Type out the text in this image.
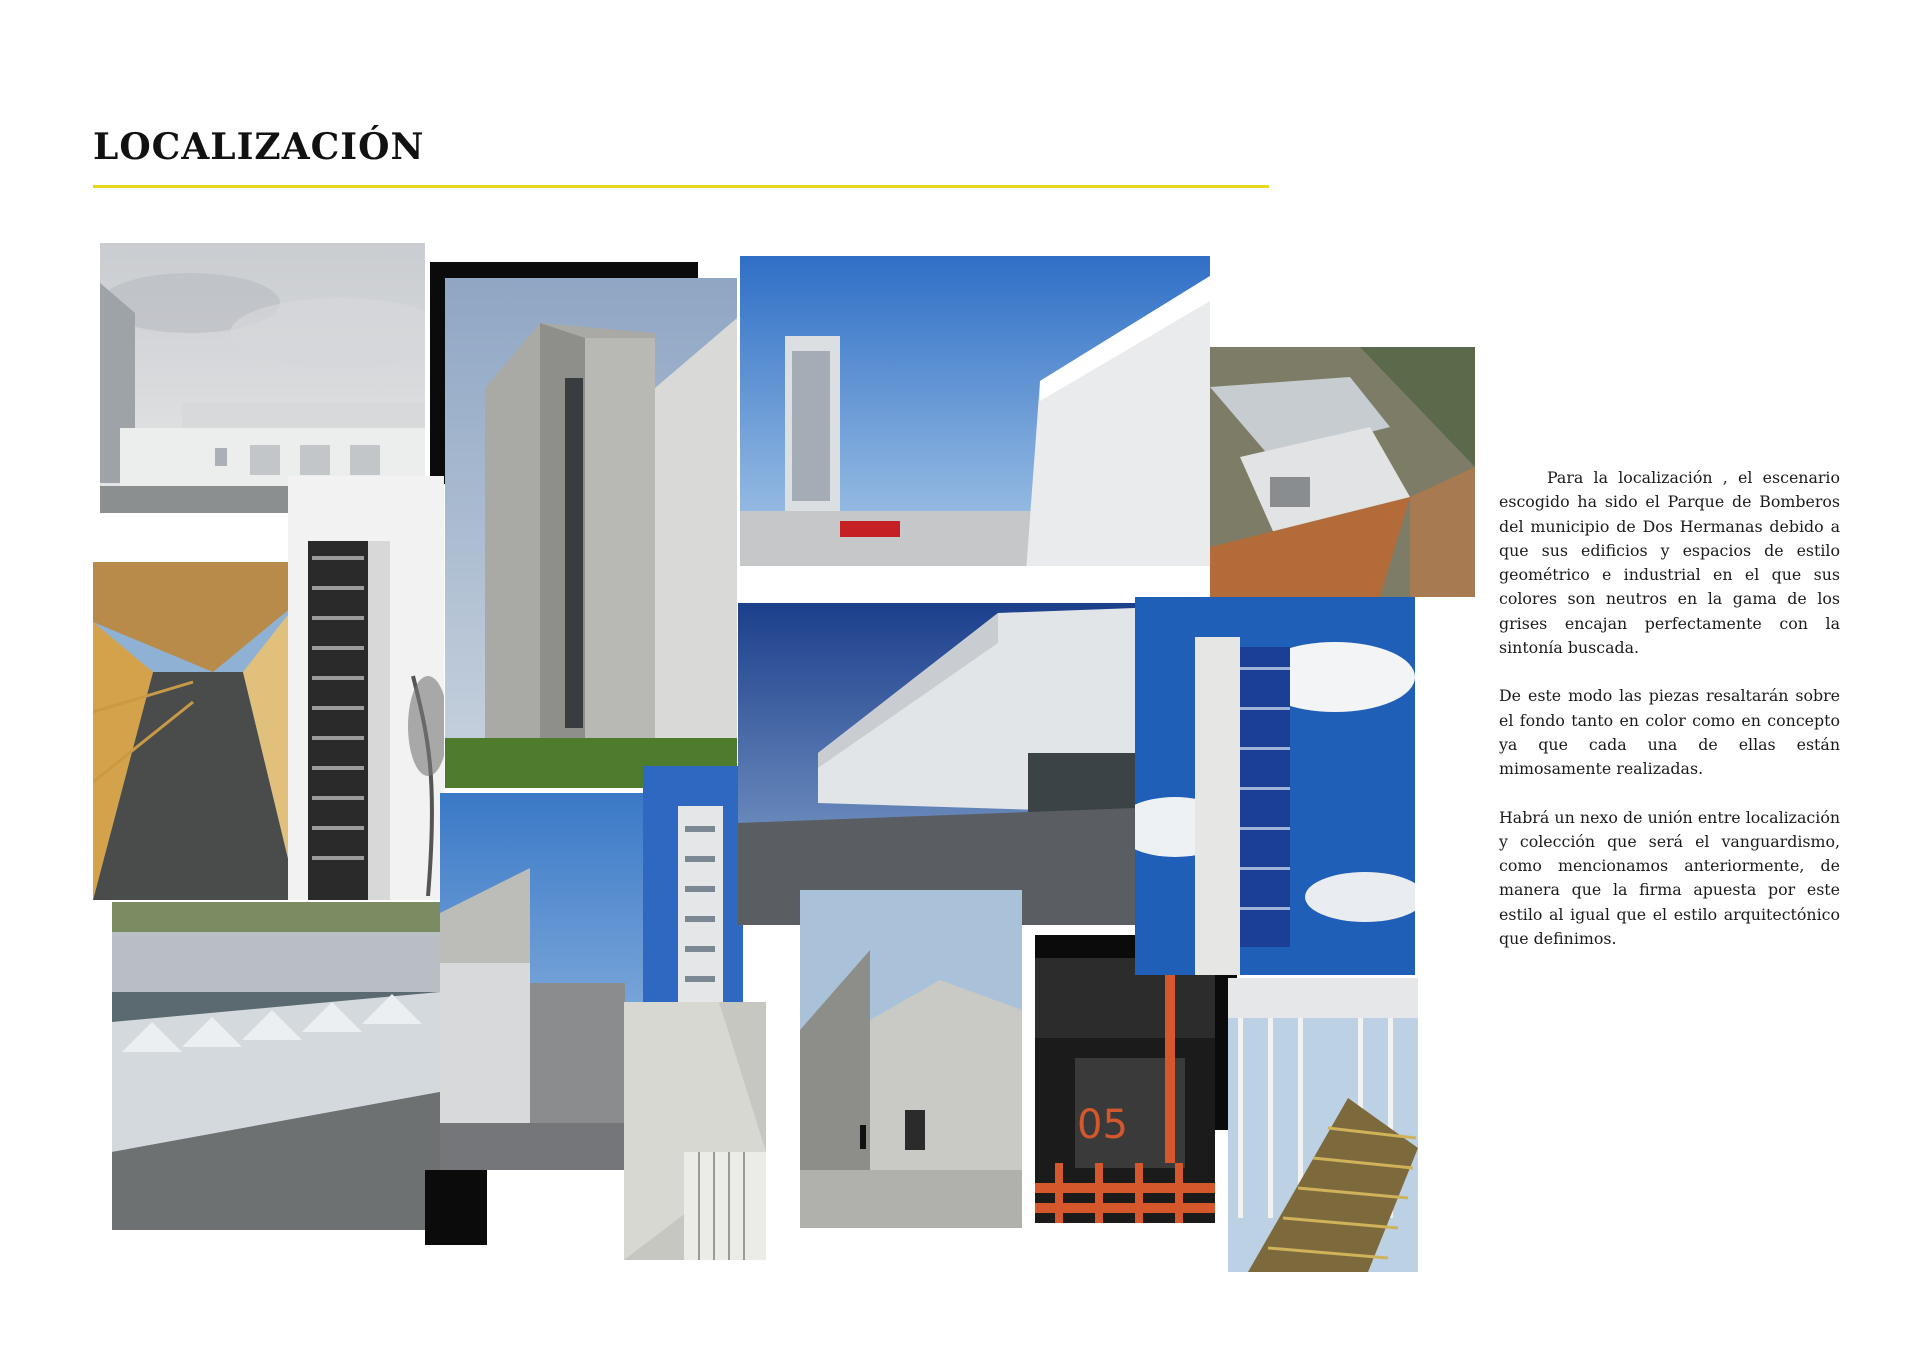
LOCALIZACIÓN
05

Para la localización , el escenario escogido ha sido el Parque de Bomberos del municipio de Dos Hermanas debido a que sus edificios y espacios de estilo geométrico e industrial en el que sus colores son neutros en la gama de los grises encajan perfectamente con la sintonía buscada.

De este modo las piezas resaltarán sobre el fondo tanto en color como en concepto ya que cada una de ellas están mimosamente realizadas.

Habrá un nexo de unión entre localización y colección que será el vanguardismo, como mencionamos anteriormente, de manera que la firma apuesta por este estilo al igual que el estilo arquitectónico que definimos.
